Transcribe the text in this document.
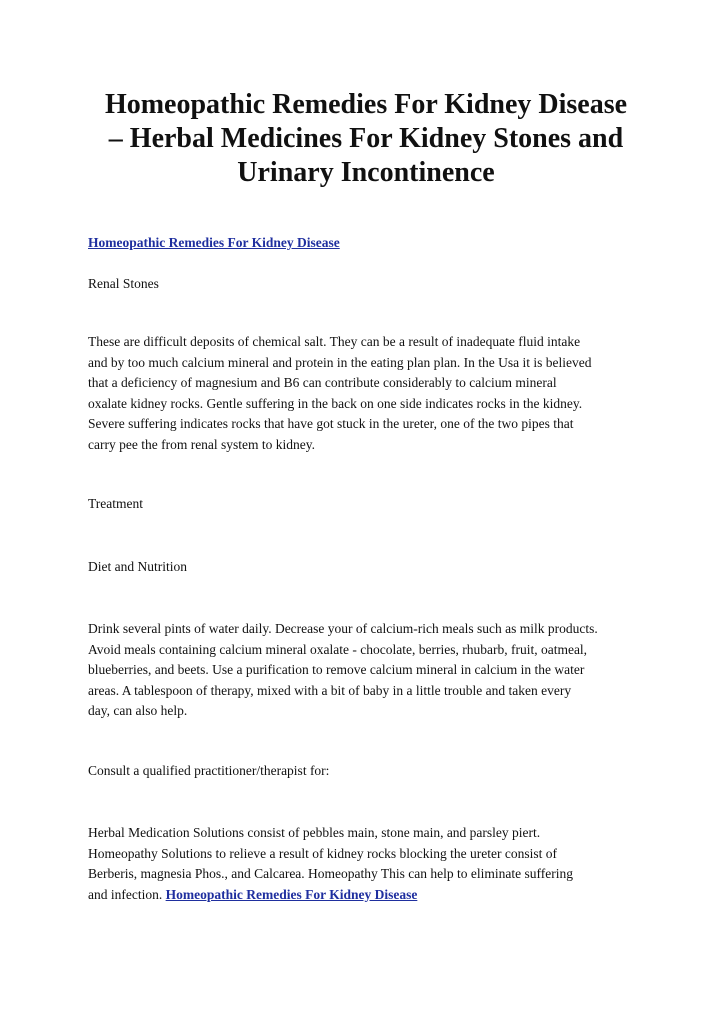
Homeopathic Remedies For Kidney Disease
– Herbal Medicines For Kidney Stones and
Urinary Incontinence
Homeopathic Remedies For Kidney Disease

Renal Stones

These are difficult deposits of chemical salt. They can be a result of inadequate fluid intake
and by too much calcium mineral and protein in the eating plan plan. In the Usa it is believed
that a deficiency of magnesium and B6 can contribute considerably to calcium mineral
oxalate kidney rocks. Gentle suffering in the back on one side indicates rocks in the kidney.
Severe suffering indicates rocks that have got stuck in the ureter, one of the two pipes that
carry pee the from renal system to kidney.

Treatment

Diet and Nutrition

Drink several pints of water daily. Decrease your of calcium-rich meals such as milk products.
Avoid meals containing calcium mineral oxalate - chocolate, berries, rhubarb, fruit, oatmeal,
blueberries, and beets. Use a purification to remove calcium mineral in calcium in the water
areas. A tablespoon of therapy, mixed with a bit of baby in a little trouble and taken every
day, can also help.

Consult a qualified practitioner/therapist for:

Herbal Medication Solutions consist of pebbles main, stone main, and parsley piert.
Homeopathy Solutions to relieve a result of kidney rocks blocking the ureter consist of
Berberis, magnesia Phos., and Calcarea. Homeopathy This can help to eliminate suffering
and infection. Homeopathic Remedies For Kidney Disease
